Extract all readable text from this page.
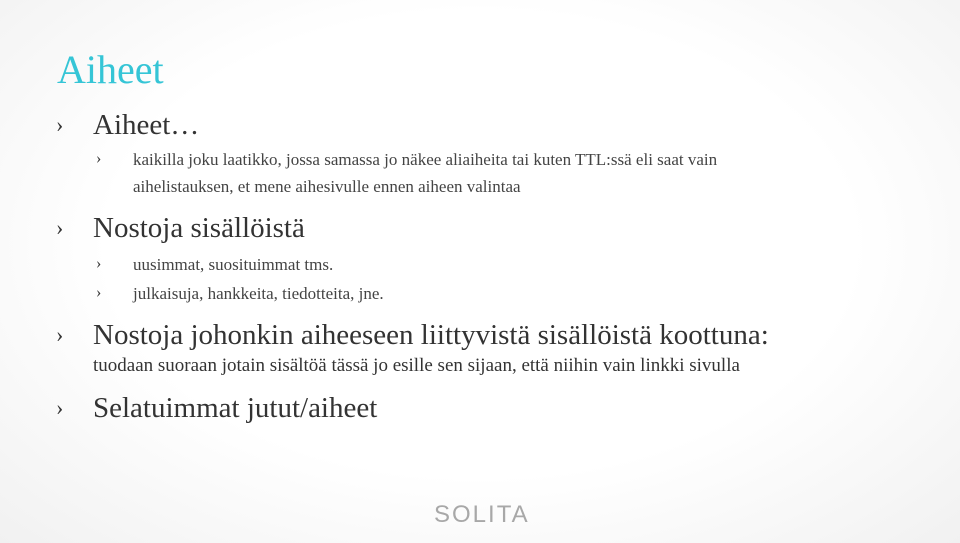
Aiheet
› Aiheet…
› kaikilla joku laatikko, jossa samassa jo näkee aliaiheita tai kuten TTL:ssä eli saat vain
aihelistauksen, et mene aihesivulle ennen aiheen valintaa
› Nostoja sisällöistä
› uusimmat, suosituimmat tms.
› julkaisuja, hankkeita, tiedotteita, jne.
› Nostoja johonkin aiheeseen liittyvistä sisällöistä koottuna:
tuodaan suoraan jotain sisältöä tässä jo esille sen sijaan, että niihin vain linkki sivulla
› Selatuimmat jutut/aiheet
SOLITA
